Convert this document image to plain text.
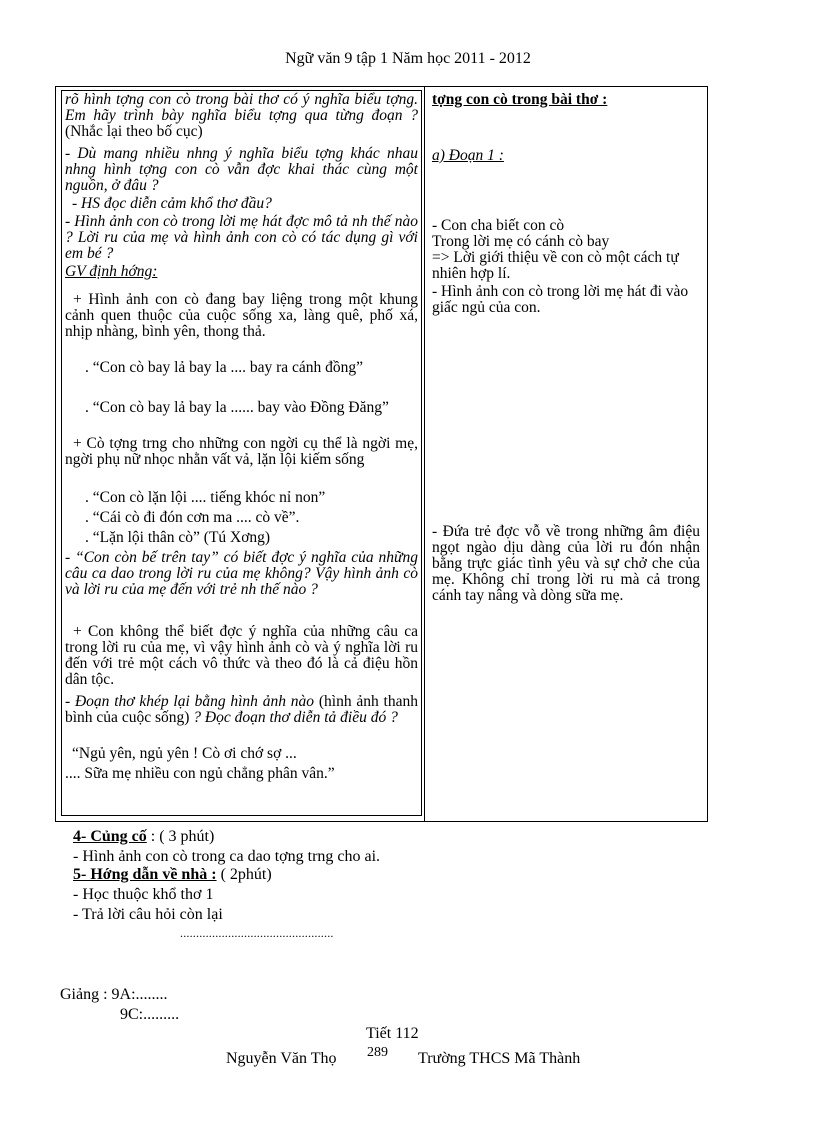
Ngữ văn 9 tập 1 Năm học 2011 - 2012
rõ hình tợng con cò trong bài thơ có ý nghĩa biểu tợng. Em hãy trình bày nghĩa biểu tợng qua từng đoạn ? (Nhắc lại theo bố cục)
- Dù mang nhiều nhng ý nghĩa biểu tợng khác nhau nhng hình tợng con cò vẫn đợc khai thác cùng một nguồn, ở đâu ?
- HS đọc diễn cảm khổ thơ đầu?
- Hình ảnh con cò trong lời mẹ hát đợc mô tả nh thế nào ? Lời ru của mẹ và hình ảnh con cò có tác dụng gì với em bé ?
GV định hớng:
+ Hình ảnh con cò đang bay liệng trong một khung cảnh quen thuộc của cuộc sống xa, làng quê, phố xá, nhịp nhàng, bình yên, thong thả.
. “Con cò bay lả bay la .... bay ra cánh đồng”
. “Con cò bay lả bay la ...... bay vào Đồng Đăng”
+ Cò tợng trng cho những con ngời cụ thể là ngời mẹ, ngời phụ nữ nhọc nhằn vất vả, lặn lội kiếm sống
. “Con cò lặn lội .... tiếng khóc nỉ non”
. “Cái cò đi đón cơn ma .... cò về”.
. “Lặn lội thân cò” (Tú Xơng)
- “Con còn bế trên tay” có biết đợc ý nghĩa của những câu ca dao trong lời ru của mẹ không? Vậy hình ảnh cò và lời ru của mẹ đến với trẻ nh thế nào ?
+ Con không thể biết đợc ý nghĩa của những câu ca trong lời ru của mẹ, vì vậy hình ảnh cò và ý nghĩa lời ru đến với trẻ một cách vô thức và theo đó là cả điệu hồn dân tộc.
- Đoạn thơ khép lại bằng hình ảnh nào (hình ảnh thanh bình của cuộc sống) ? Đọc đoạn thơ diễn tả điều đó ?
“Ngủ yên, ngủ yên ! Cò ơi chớ sợ ...
.... Sữa mẹ nhiều con ngủ chẳng phân vân.”
tợng con cò trong bài thơ :
a) Đoạn 1 :
- Con cha biết con cò
Trong lời mẹ có cánh cò bay
=> Lời giới thiệu về con cò một cách tự nhiên hợp lí.
- Hình ảnh con cò trong lời mẹ hát đi vào giấc ngủ của con.
- Đứa trẻ đợc vỗ về trong những âm điệu ngọt ngào dịu dàng của lời ru đón nhận bằng trực giác tình yêu và sự chở che của mẹ. Không chỉ trong lời ru mà cả trong cánh tay nâng và dòng sữa mẹ.
4- Củng cố : ( 3 phút)
- Hình ảnh con cò trong ca dao tợng trng cho ai.
5- Hớng dẫn về nhà : ( 2phút)
- Học thuộc khổ thơ 1
- Trả lời câu hỏi còn lại
................................................
Giảng : 9A:........
9C:.........
Tiết 112
Nguyễn Văn Thọ 289 Trường THCS Mã Thành
